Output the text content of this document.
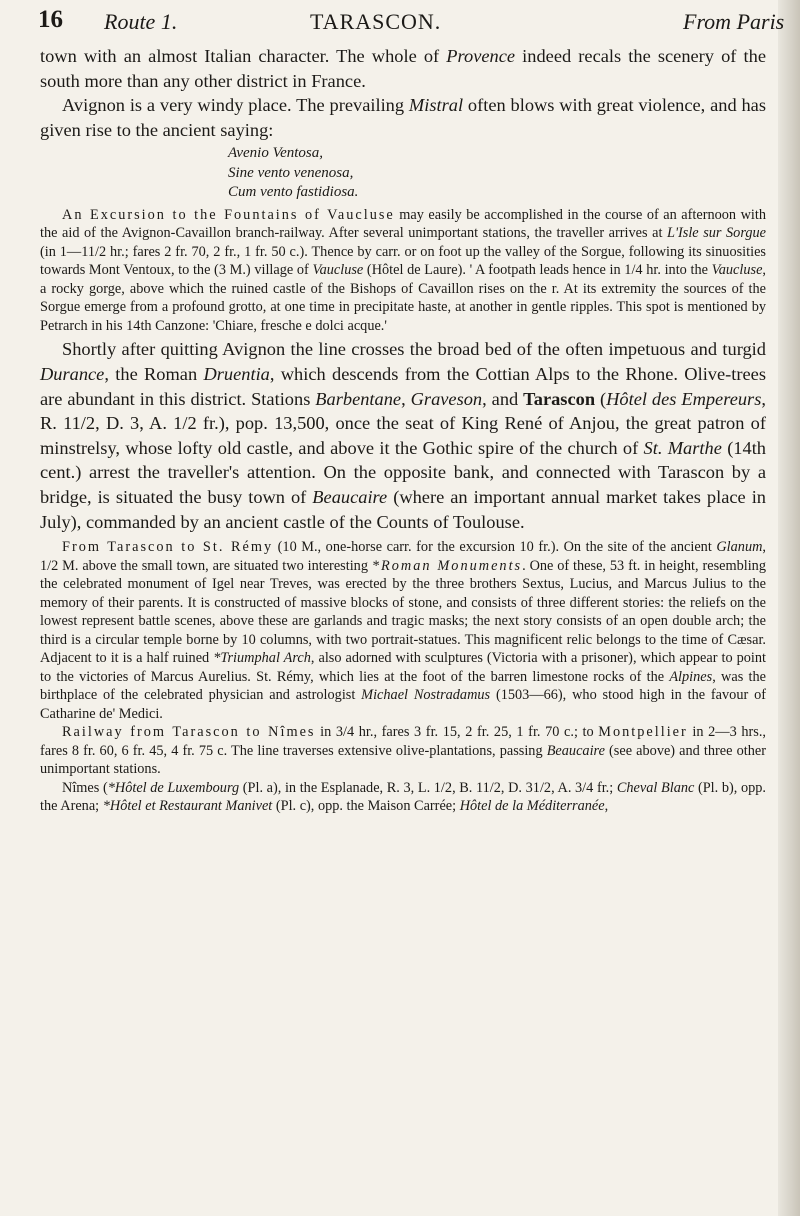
16 Route 1.	TARASCON.	From Paris

town with an almost Italian character. The whole of Provence indeed recals the scenery of the south more than any other district in France.

Avignon is a very windy place. The prevailing Mistral often blows with great violence, and has given rise to the ancient saying:

Avenio Ventosa,
Sine vento venenosa,
Cum vento fastidiosa.

An Excursion to the Fountains of Vaucluse may easily be accomplished in the course of an afternoon with the aid of the Avignon-Cavaillon branch-railway. After several unimportant stations, the traveller arrives at L'Isle sur Sorgue (in 1—11/2 hr.; fares 2 fr. 70, 2 fr., 1 fr. 50 c.). Thence by carr. or on foot up the valley of the Sorgue, following its sinuosities towards Mont Ventoux, to the (3 M.) village of Vaucluse (Hôtel de Laure). ' A footpath leads hence in 1/4 hr. into the Vaucluse, a rocky gorge, above which the ruined castle of the Bishops of Cavaillon rises on the r. At its extremity the sources of the Sorgue emerge from a profound grotto, at one time in precipitate haste, at another in gentle ripples. This spot is mentioned by Petrarch in his 14th Canzone: 'Chiare, fresche e dolci acque.'

Shortly after quitting Avignon the line crosses the broad bed of the often impetuous and turgid Durance, the Roman Druentia, which descends from the Cottian Alps to the Rhone. Olive-trees are abundant in this district. Stations Barbentane, Graveson, and Tarascon (Hôtel des Empereurs, R. 11/2, D. 3, A. 1/2 fr.), pop. 13,500, once the seat of King René of Anjou, the great patron of minstrelsy, whose lofty old castle, and above it the Gothic spire of the church of St. Marthe (14th cent.) arrest the traveller's attention. On the opposite bank, and connected with Tarascon by a bridge, is situated the busy town of Beaucaire (where an important annual market takes place in July), commanded by an ancient castle of the Counts of Toulouse.

From Tarascon to St. Rémy (10 M., one-horse carr. for the excursion 10 fr.). On the site of the ancient Glanum, 1/2 M. above the small town, are situated two interesting *Roman Monuments. One of these, 53 ft. in height, resembling the celebrated monument of Igel near Treves, was erected by the three brothers Sextus, Lucius, and Marcus Julius to the memory of their parents. It is constructed of massive blocks of stone, and consists of three different stories: the reliefs on the lowest represent battle scenes, above these are garlands and tragic masks; the next story consists of an open double arch; the third is a circular temple borne by 10 columns, with two portrait-statues. This magnificent relic belongs to the time of Cæsar. Adjacent to it is a half ruined *Triumphal Arch, also adorned with sculptures (Victoria with a prisoner), which appear to point to the victories of Marcus Aurelius. St. Rémy, which lies at the foot of the barren limestone rocks of the Alpines, was the birthplace of the celebrated physician and astrologist Michael Nostradamus (1503—66), who stood high in the favour of Catharine de' Medici.

Railway from Tarascon to Nîmes in 3/4 hr., fares 3 fr. 15, 2 fr. 25, 1 fr. 70 c.; to Montpellier in 2—3 hrs., fares 8 fr. 60, 6 fr. 45, 4 fr. 75 c. The line traverses extensive olive-plantations, passing Beaucaire (see above) and three other unimportant stations.

Nîmes (*Hôtel de Luxembourg (Pl. a), in the Esplanade, R. 3, L. 1/2, B. 11/2, D. 31/2, A. 3/4 fr.; Cheval Blanc (Pl. b), opp. the Arena; *Hôtel et Restaurant Manivet (Pl. c), opp. the Maison Carrée; Hôtel de la Méditerranée,
